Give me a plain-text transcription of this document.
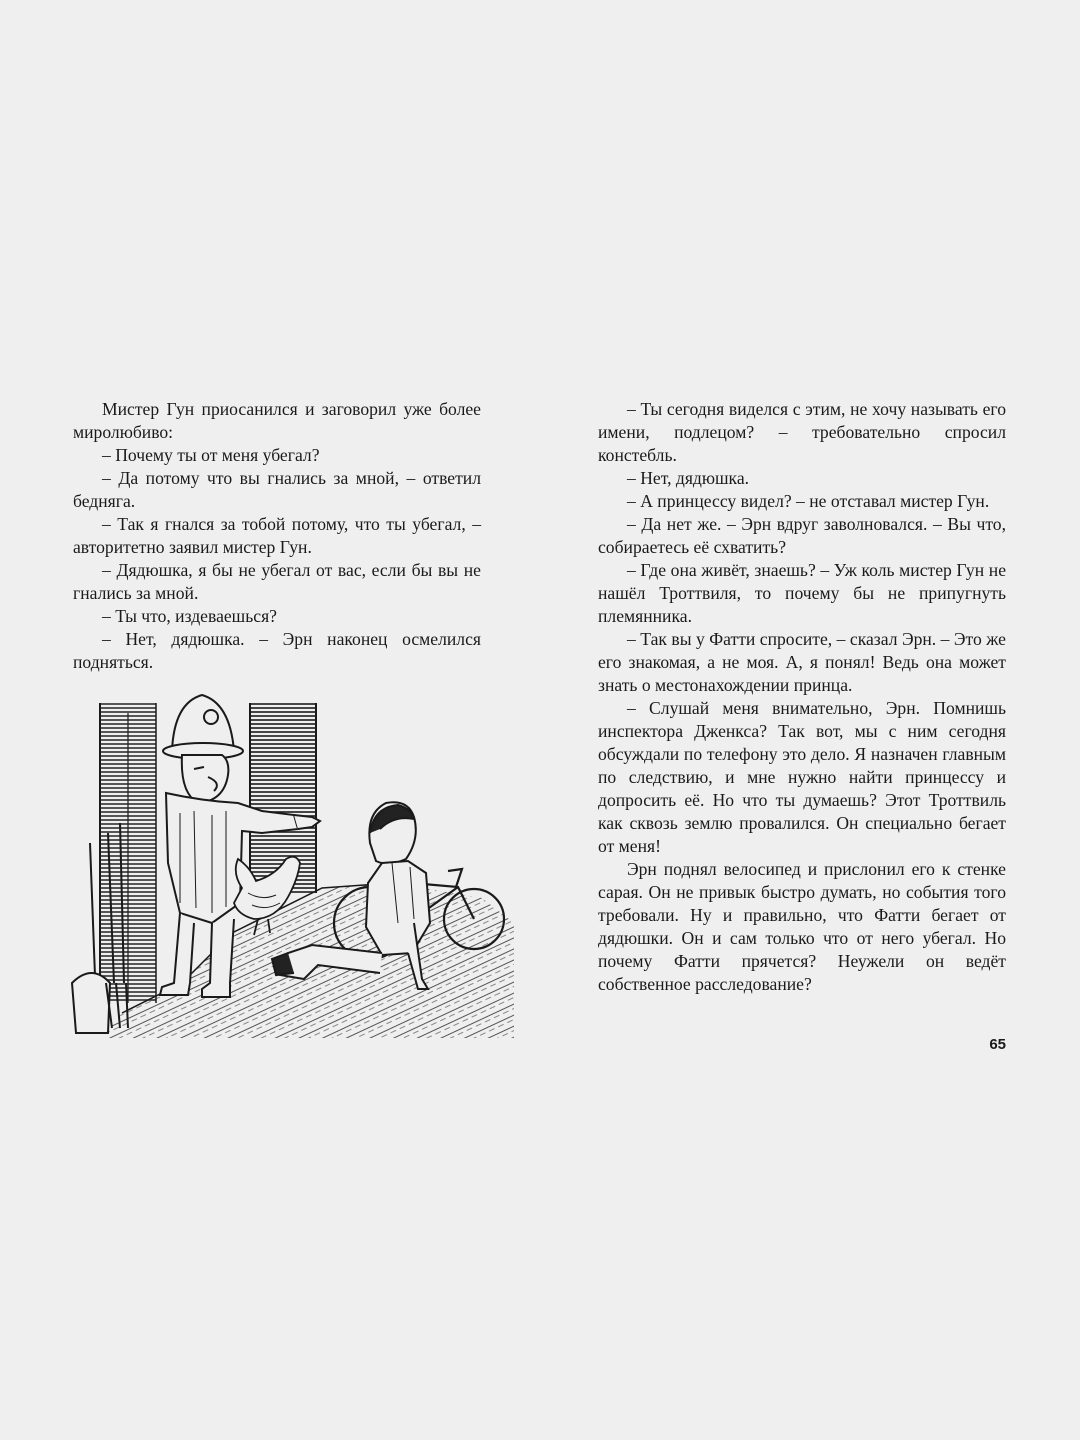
Мистер Гун приосанился и заговорил уже более миролюбиво:

– Почему ты от меня убегал?

– Да потому что вы гнались за мной, – ответил бедняга.

– Так я гнался за тобой потому, что ты убегал, – авторитетно заявил мистер Гун.

– Дядюшка, я бы не убегал от вас, если бы вы не гнались за мной.

– Ты что, издеваешься?

– Нет, дядюшка. – Эрн наконец осмелился подняться.

– Ты сегодня виделся с этим, не хочу называть его имени, подлецом? – требовательно спросил констебль.

– Нет, дядюшка.

– А принцессу видел? – не отставал мистер Гун.

– Да нет же. – Эрн вдруг заволновался. – Вы что, собираетесь её схватить?

– Где она живёт, знаешь? – Уж коль мистер Гун не нашёл Троттвиля, то почему бы не припугнуть племянника.

– Так вы у Фатти спросите, – сказал Эрн. – Это же его знакомая, а не моя. А, я понял! Ведь она может знать о местонахождении принца.

– Слушай меня внимательно, Эрн. Помнишь инспектора Дженкса? Так вот, мы с ним сегодня обсуждали по телефону это дело. Я назначен главным по следствию, и мне нужно найти принцессу и допросить её. Но что ты думаешь? Этот Троттвиль как сквозь землю провалился. Он специально бегает от меня!

Эрн поднял велосипед и прислонил его к стенке сарая. Он не привык быстро думать, но события того требовали. Ну и правильно, что Фатти бегает от дядюшки. Он и сам только что от него убегал. Но почему Фатти прячется? Неужели он ведёт собственное расследование?

65
